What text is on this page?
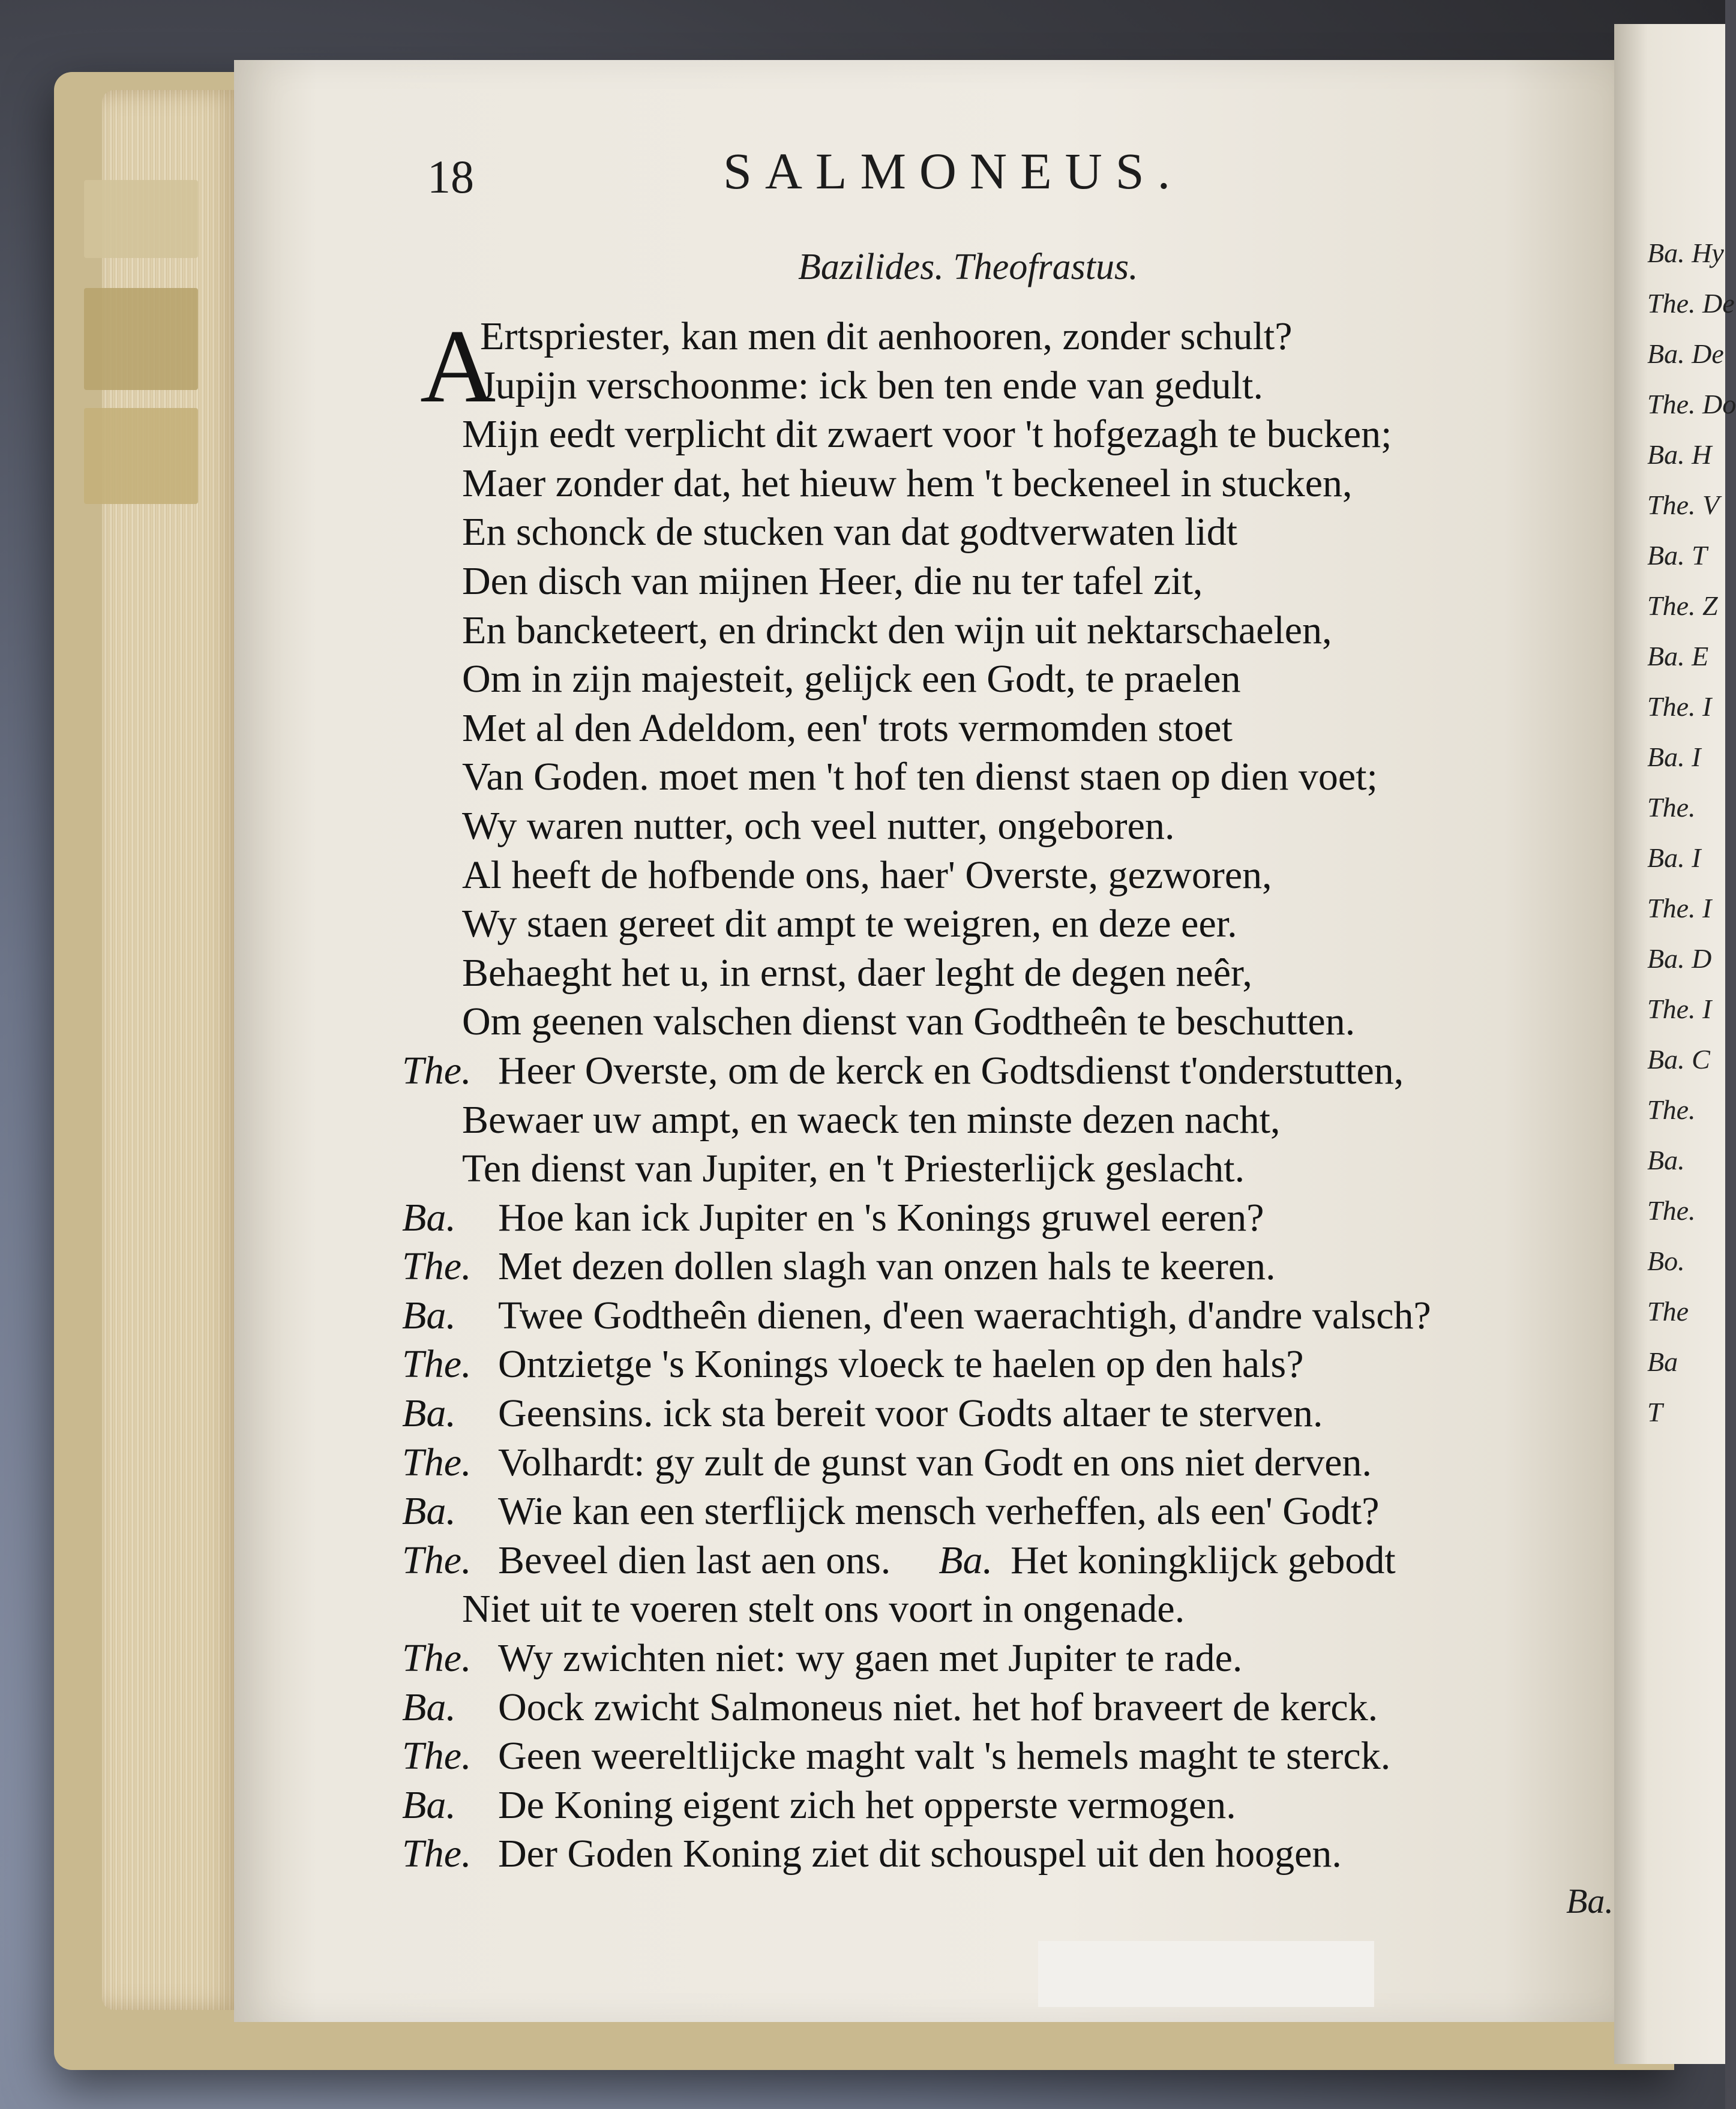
Ba. Hy
The. De
Ba. De
The. Do
Ba. H
The. V
Ba. T
The. Z
Ba. E
The. I
Ba. I
The.
Ba. I
The. I
Ba. D
The. I
Ba. C
The.
Ba.
The.
Bo.
The
Ba
T
18	SALMONEUS.
Bazilides. Theofrastus.
A
Ertspriester, kan men dit aenhooren, zonder schult?
Jupijn verschoonme: ick ben ten ende van gedult.
Mijn eedt verplicht dit zwaert voor 't hofgezagh te bucken;
Maer zonder dat, het hieuw hem 't beckeneel in stucken,
En schonck de stucken van dat godtverwaten lidt
Den disch van mijnen Heer, die nu ter tafel zit,
En bancketeert, en drinckt den wijn uit nektarschaelen,
Om in zijn majesteit, gelijck een Godt, te praelen
Met al den Adeldom, een' trots vermomden stoet
Van Goden. moet men 't hof ten dienst staen op dien voet;
Wy waren nutter, och veel nutter, ongeboren.
Al heeft de hofbende ons, haer' Overste, gezworen,
Wy staen gereet dit ampt te weigren, en deze eer.
Behaeght het u, in ernst, daer leght de degen neêr,
Om geenen valschen dienst van Godtheên te beschutten.
The. Heer Overste, om de kerck en Godtsdienst t'onderstutten,
Bewaer uw ampt, en waeck ten minste dezen nacht,
Ten dienst van Jupiter, en 't Priesterlijck geslacht.
Ba. Hoe kan ick Jupiter en 's Konings gruwel eeren?
The. Met dezen dollen slagh van onzen hals te keeren.
Ba. Twee Godtheên dienen, d'een waerachtigh, d'andre valsch?
The. Ontzietge 's Konings vloeck te haelen op den hals?
Ba. Geensins. ick sta bereit voor Godts altaer te sterven.
The. Volhardt: gy zult de gunst van Godt en ons niet derven.
Ba. Wie kan een sterflijck mensch verheffen, als een' Godt?
The. Beveel dien last aen ons. Ba. Het koningklijck gebodt
Niet uit te voeren stelt ons voort in ongenade.
The. Wy zwichten niet: wy gaen met Jupiter te rade.
Ba. Oock zwicht Salmoneus niet. het hof braveert de kerck.
The. Geen weereltlijcke maght valt 's hemels maght te sterck.
Ba. De Koning eigent zich het opperste vermogen.
The. Der Goden Koning ziet dit schouspel uit den hoogen.
Ba.
